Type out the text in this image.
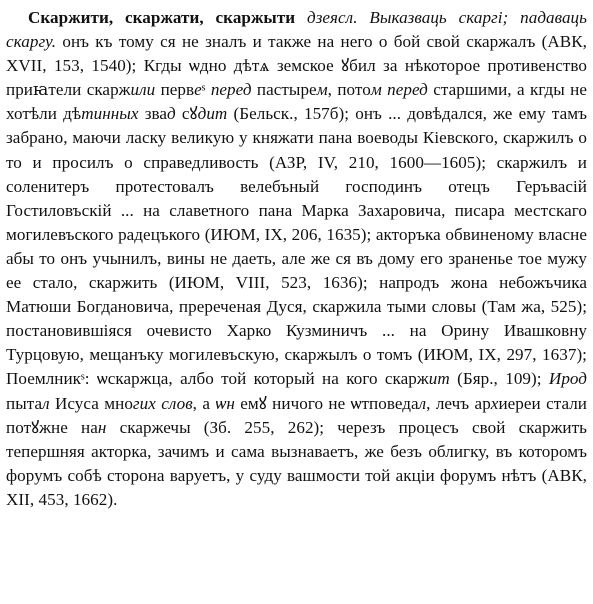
Скаржити, скаржати, скаржыти дзеясл. Выказваць скаргі; падаваць скаргу. онъ къ тому ся не зналъ и также на него о бой свой скаржалъ (АВК, XVII, 153, 1540); Кгды ѡдно дѣтѧ земское ꙋбил за нѣкоторое противенство приꙗтели скаржили первеˢ перед пастырем, потом перед старшими, а кгды не хотѣли дѣтинных звад сꙋдит (Бельск., 157б); онъ ... довѣдался, же ему тамъ забрано, маючи ласку великую у княжати пана воеводы Кіевского, скаржилъ о то и просилъ о справедливость (АЗР, IV, 210, 1600—1605); скаржилъ и соленитеръ протестовалъ велебъный господинъ отецъ Геръвасій Гостиловъскій ... на славетного пана Марка Захаровича, писара местскаго могилевъского радецъкого (ИЮМ, IX, 206, 1635); акторъка обвиненому власне абы то онъ учынилъ, вины не даеть, але же ся въ дому его зраненье тое мужу ее стало, скаржить (ИЮМ, VIII, 523, 1636); напродъ жона небожъчика Матюши Богдановича, пререченая Дуся, скаржила тыми словы (Там жа, 525); постановившіяся очевисто Харко Кузминичъ ... на Орину Ивашковну Турцовую, мещанъку могилевъскую, скаржылъ о томъ (ИЮМ, IX, 297, 1637); Поемлникˢ: ѡскаржца, албо той который на кого скаржит (Бяр., 109); Ирод пытал Исуса многих слов, а ѡн емꙋ ничого не ѡтповедал, лечъ архиереи стали потꙋжне нан скаржечы (Зб. 255, 262); черезъ процесъ свой скаржить тепершняя акторка, зачимъ и сама вызнаваетъ, же безъ облигку, въ которомъ форумъ собѣ сторона варуетъ, у суду вашмости той акціи форумъ нѣтъ (АВК, XII, 453, 1662).
